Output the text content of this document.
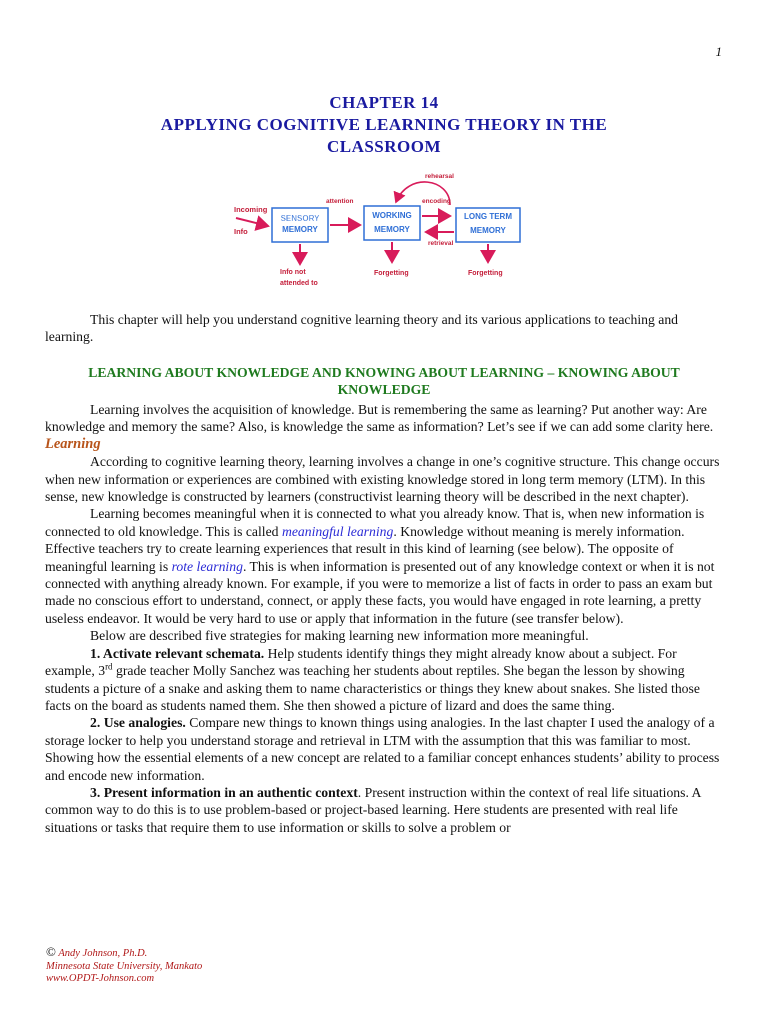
1
CHAPTER 14
APPLYING COGNITIVE LEARNING THEORY IN THE
CLASSROOM
Incoming
Info
SENSORY
MEMORY
attention
WORKING
MEMORY
rehearsal
encoding
retrieval
LONG TERM
MEMORY
Info not
attended to
Forgetting	Forgetting

This chapter will help you understand cognitive learning theory and its various applications to teaching and learning.

LEARNING ABOUT KNOWLEDGE AND KNOWING ABOUT LEARNING – KNOWING ABOUT KNOWLEDGE

Learning involves the acquisition of knowledge. But is remembering the same as learning? Put another way: Are knowledge and memory the same? Also, is knowledge the same as information? Let’s see if we can add some clarity here.

Learning

According to cognitive learning theory, learning involves a change in one’s cognitive structure. This change occurs when new information or experiences are combined with existing knowledge stored in long term memory (LTM). In this sense, new knowledge is constructed by learners (constructivist learning theory will be described in the next chapter).

Learning becomes meaningful when it is connected to what you already know. That is, when new information is connected to old knowledge. This is called meaningful learning. Knowledge without meaning is merely information. Effective teachers try to create learning experiences that result in this kind of learning (see below). The opposite of meaningful learning is rote learning. This is when information is presented out of any knowledge context or when it is not connected with anything already known. For example, if you were to memorize a list of facts in order to pass an exam but made no conscious effort to understand, connect, or apply these facts, you would have engaged in rote learning, a pretty useless endeavor. It would be very hard to use or apply that information in the future (see transfer below).

Below are described five strategies for making learning new information more meaningful.

1. Activate relevant schemata. Help students identify things they might already know about a subject. For example, 3rd grade teacher Molly Sanchez was teaching her students about reptiles. She began the lesson by showing students a picture of a snake and asking them to name characteristics or things they knew about snakes. She listed those facts on the board as students named them. She then showed a picture of lizard and does the same thing.

2. Use analogies. Compare new things to known things using analogies. In the last chapter I used the analogy of a storage locker to help you understand storage and retrieval in LTM with the assumption that this was familiar to most. Showing how the essential elements of a new concept are related to a familiar concept enhances students’ ability to process and encode new information.

3. Present information in an authentic context. Present instruction within the context of real life situations. A common way to do this is to use problem-based or project-based learning. Here students are presented with real life situations or tasks that require them to use information or skills to solve a problem or

© Andy Johnson, Ph.D.
Minnesota State University, Mankato
www.OPDT-Johnson.com
